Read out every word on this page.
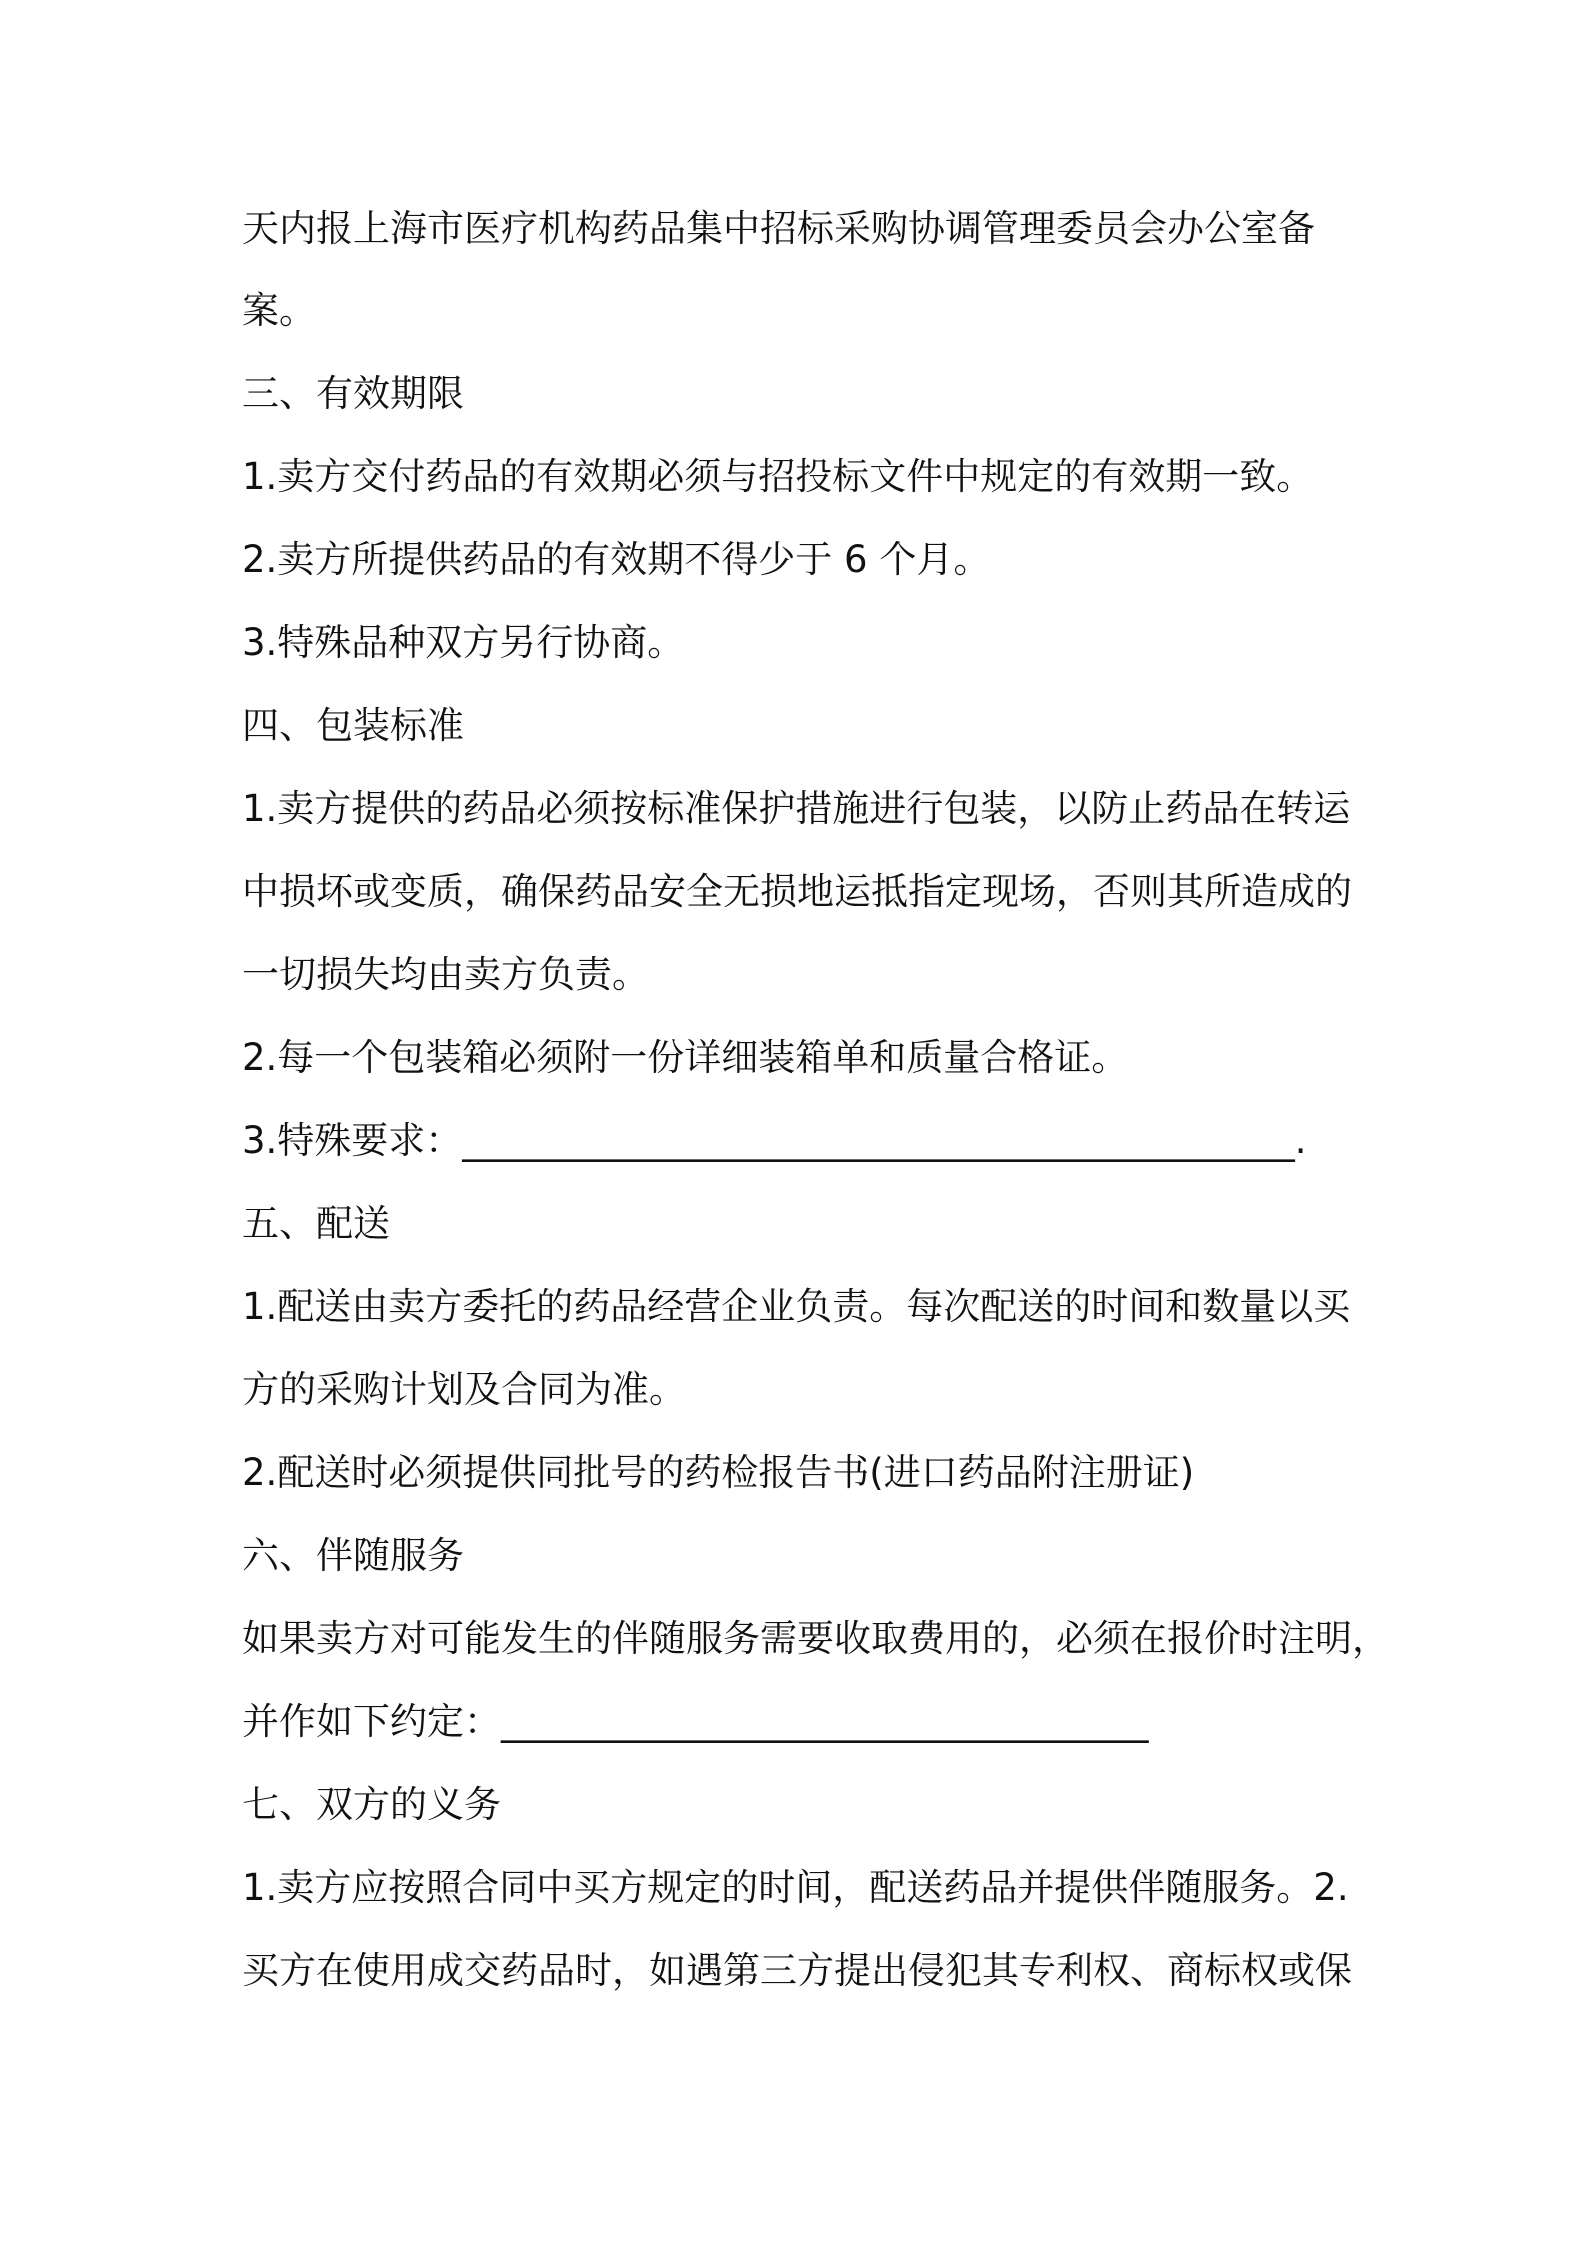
天内报上海市医疗机构药品集中招标采购协调管理委员会办公室备
案。
三、有效期限
1.卖方交付药品的有效期必须与招投标文件中规定的有效期一致。
2.卖方所提供药品的有效期不得少于 6 个月。
3.特殊品种双方另行协商。
四、包装标准
1.卖方提供的药品必须按标准保护措施进行包装，以防止药品在转运
中损坏或变质，确保药品安全无损地运抵指定现场，否则其所造成的
一切损失均由卖方负责。
2.每一个包装箱必须附一份详细装箱单和质量合格证。
3.特殊要求：_____________________________________________.
五、配送
1.配送由卖方委托的药品经营企业负责。每次配送的时间和数量以买
方的采购计划及合同为准。
2.配送时必须提供同批号的药检报告书(进口药品附注册证)
六、伴随服务
如果卖方对可能发生的伴随服务需要收取费用的，必须在报价时注明，
并作如下约定：___________________________________
七、双方的义务
1.卖方应按照合同中买方规定的时间，配送药品并提供伴随服务。2.
买方在使用成交药品时，如遇第三方提出侵犯其专利权、商标权或保
